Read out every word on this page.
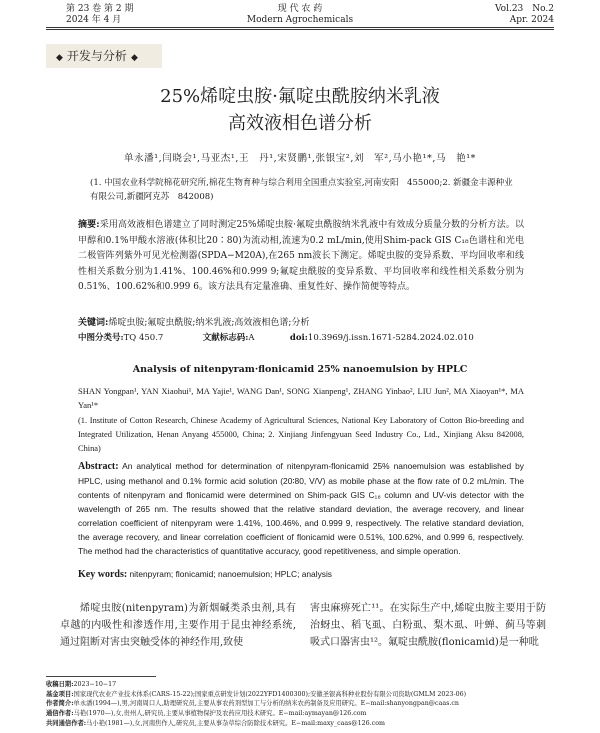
第 23 卷 第 2 期
2024 年 4 月
现 代 农 药
Modern Agrochemicals
Vol.23　No.2
Apr. 2024
◆ 开发与分析 ◆
25%烯啶虫胺·氟啶虫酰胺纳米乳液
高效液相色谱分析
单永潘¹,闫晓会¹,马亚杰¹,王　丹¹,宋贤鹏¹,张银宝²,刘　军²,马小艳¹*,马　艳¹*
(1. 中国农业科学院棉花研究所,棉花生物育种与综合利用全国重点实验室,河南安阳　455000;2. 新疆金丰源种业有限公司,新疆阿克苏　842008)
摘要:采用高效液相色谱建立了同时测定25%烯啶虫胺·氟啶虫酰胺纳米乳液中有效成分质量分数的分析方法。以甲醇和0.1%甲酸水溶液(体积比20∶80)为流动相,流速为0.2 mL/min,使用Shim-pack GIS C₁₈色谱柱和光电二极管阵列紫外可见光检测器(SPDA−M20A),在265 nm波长下测定。烯啶虫胺的变异系数、平均回收率和线性相关系数分别为1.41%、100.46%和0.999 9;氟啶虫酰胺的变异系数、平均回收率和线性相关系数分别为0.51%、100.62%和0.999 6。该方法具有定量准确、重复性好、操作简便等特点。
关键词:烯啶虫胺;氟啶虫酰胺;纳米乳液;高效液相色谱;分析
中图分类号:TQ 450.7	文献标志码:A	doi:10.3969/j.issn.1671-5284.2024.02.010
Analysis of nitenpyram·flonicamid 25% nanoemulsion by HPLC
SHAN Yongpan¹, YAN Xiaohui¹, MA Yajie¹, WANG Dan¹, SONG Xianpeng¹, ZHANG Yinbao², LIU Jun², MA Xiaoyan¹*, MA Yan¹*
(1. Institute of Cotton Research, Chinese Academy of Agricultural Sciences, National Key Laboratory of Cotton Bio-breeding and Integrated Utilization, Henan Anyang 455000, China; 2. Xinjiang Jinfengyuan Seed Industry Co., Ltd., Xinjiang Aksu 842008, China)
Abstract: An analytical method for determination of nitenpyram-flonicamid 25% nanoemulsion was established by HPLC, using methanol and 0.1% formic acid solution (20∶80, V/V) as mobile phase at the flow rate of 0.2 mL/min. The contents of nitenpyram and flonicamid were determined on Shim-pack GIS C₁₈ column and UV-vis detector with the wavelength of 265 nm. The results showed that the relative standard deviation, the average recovery, and linear correlation coefficient of nitenpyram were 1.41%, 100.46%, and 0.999 9, respectively. The relative standard deviation, the average recovery, and linear correlation coefficient of flonicamid were 0.51%, 100.62%, and 0.999 6, respectively. The method had the characteristics of quantitative accuracy, good repetitiveness, and simple operation.
Key words: nitenpyram; flonicamid; nanoemulsion; HPLC; analysis
烯啶虫胺(nitenpyram)为新烟碱类杀虫剂,具有卓越的内吸性和渗透作用,主要作用于昆虫神经系统,通过阻断对害虫突触受体的神经作用,致使
害虫麻痹死亡¹¹。在实际生产中,烯啶虫胺主要用于防治蚜虫、稻飞虱、白粉虱、梨木虱、叶蝉、蓟马等刺吸式口器害虫¹²。氟啶虫酰胺(flonicamid)是一种吡
收稿日期:2023−10−17
基金项目:国家现代农业产业技术体系(CARS-15-22);国家重点研发计划(2022YFD1400300);安徽圣银高科种业股份有限公司资助(GMLM 2023-06)
作者简介:单永潘(1994—),男,河南周口人,助理研究员,主要从事农药剂型加工与分析的纳米农药制备及应用研究。E−mail:shanyongpan@caas.cn
通信作者:马艳(1970—),女,贵州人,研究员,主要从事植物保护及农药应用技术研究。E−mail:aymayan@126.com
共同通信作者:马小艳(1981—),女,河南焦作人,研究员,主要从事杂草综合防除技术研究。E−mail:maxy_caas@126.com
